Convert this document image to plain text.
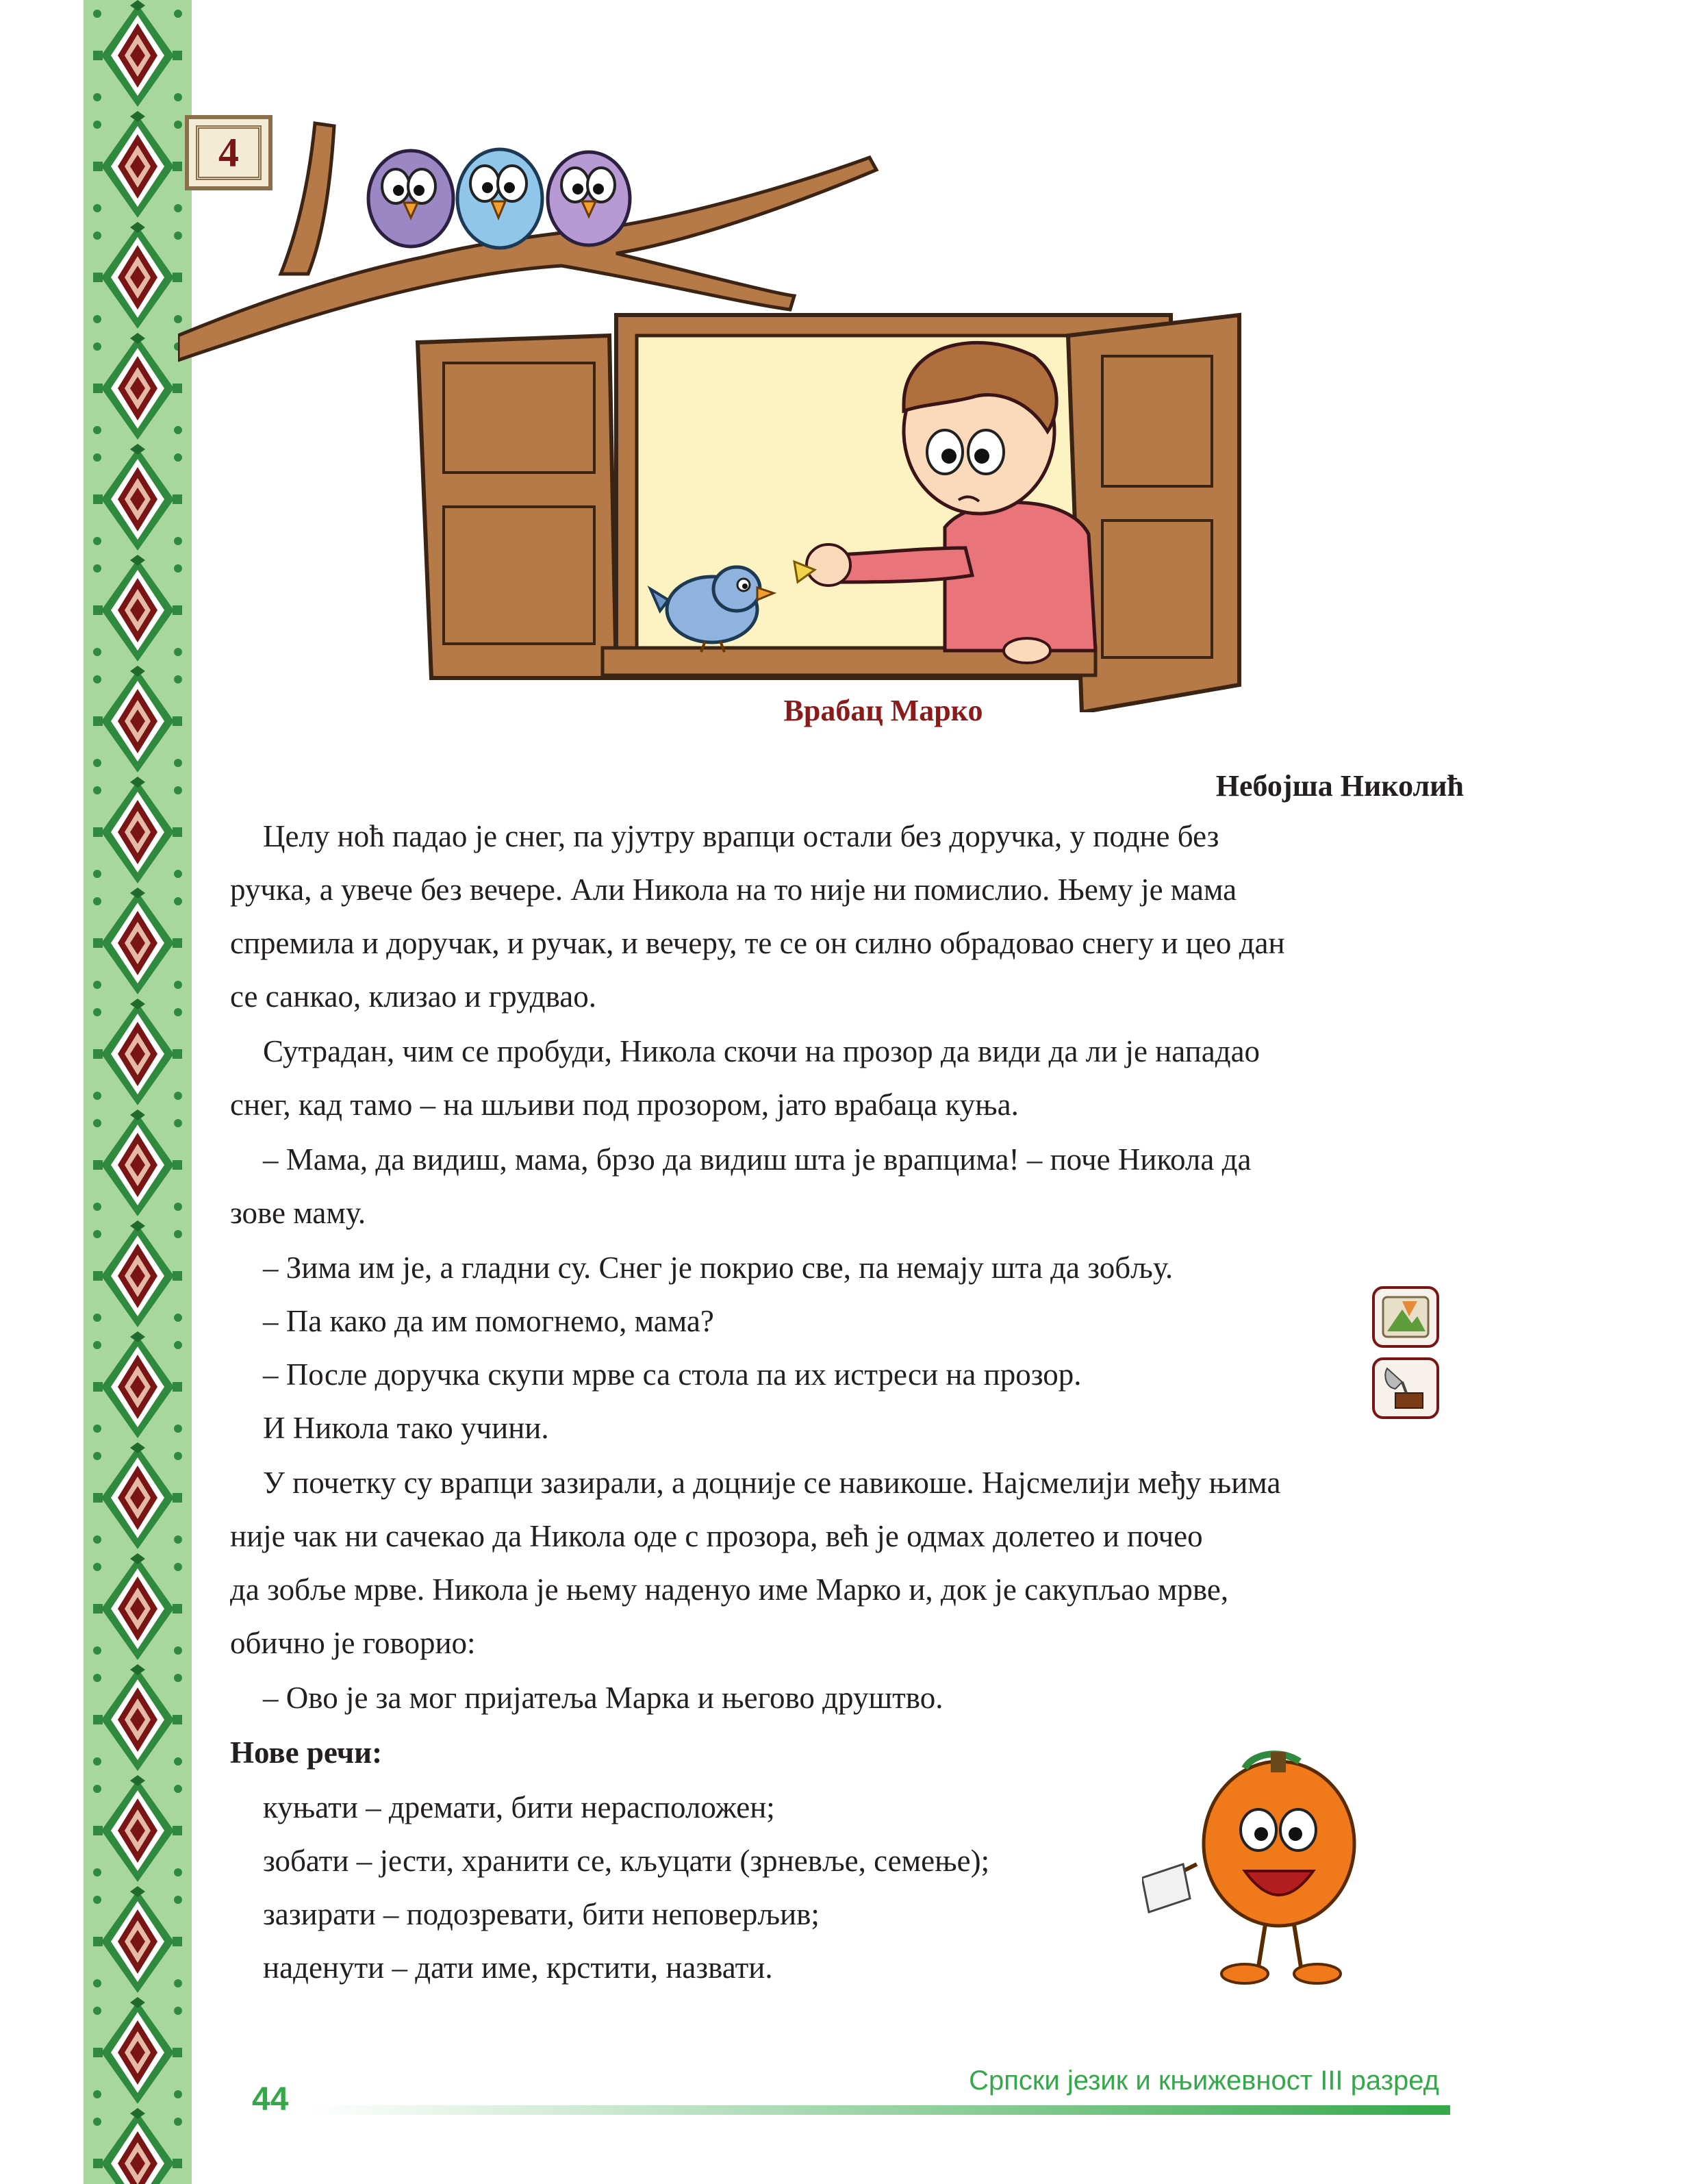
4
Врабац Марко
Небојша Николић
Целу ноћ падао је снег, па ујутру врапци остали без доручка, у подне без
ручка, а увече без вечере. Али Никола на то није ни помислио. Њему је мама
спремила и доручак, и ручак, и вечеру, те се он силно обрадовао снегу и цео дан
се санкао, клизао и грудвао.
Сутрадан, чим се пробуди, Никола скочи на прозор да види да ли је нападао
снег, кад тамо – на шљиви под прозором, јато врабаца куња.
– Мама, да видиш, мама, брзо да видиш шта је врапцима! – поче Никола да
зове маму.
– Зима им је, а гладни су. Снег је покрио све, па немају шта да зобљу.
– Па како да им помогнемо, мама?
– После доручка скупи мрве са стола па их истреси на прозор.
И Никола тако учини.
У почетку су врапци зазирали, а доцније се навикоше. Најсмелији међу њима
није чак ни сачекао да Никола оде с прозора, већ је одмах долетео и почео
да зобље мрве. Никола је њему наденуо име Марко и, док је сакупљао мрве,
обично је говорио:
– Ово је за мог пријатеља Марка и његово друштво.
Нове речи:
куњати – дремати, бити нерасположен;
зобати – јести, хранити се, кљуцати (зрневље, семење);
зазирати – подозревати, бити неповерљив;
наденути – дати име, крстити, назвати.
44
Српски језик и књижевност III разред
